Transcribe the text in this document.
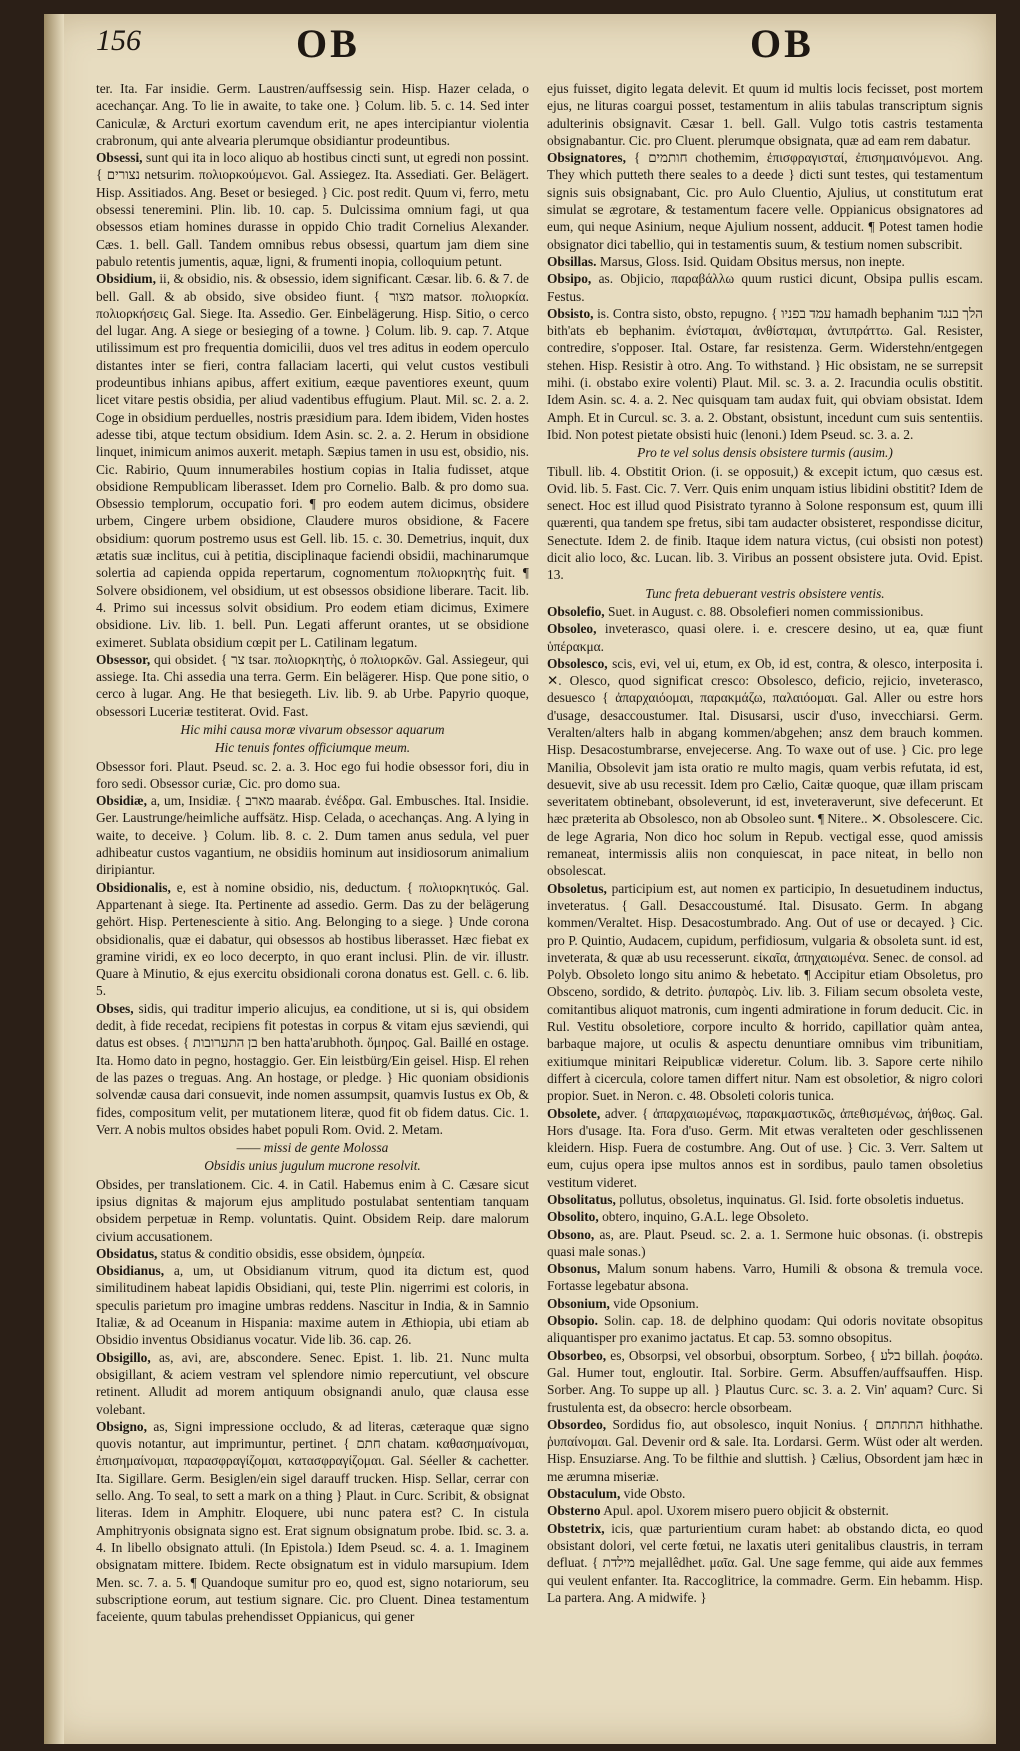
156	OB	OB

ter. Ita. Far insidie. Germ. Laustren/auffsessig sein. Hisp. Hazer celada, o acechançar. Ang. To lie in awaite, to take one. } Colum. lib. 5. c. 14. Sed inter Caniculæ, & Arcturi exortum cavendum erit, ne apes intercipiantur violentia crabronum, qui ante alvearia plerumque obsidiantur prodeuntibus.

Obsessi, sunt qui ita in loco aliquo ab hostibus cincti sunt, ut egredi non possint. { נצורים netsurim. πολιορκούμενοι. Gal. Assiegez. Ita. Assediati. Ger. Belägert. Hisp. Assitiados. Ang. Beset or besieged. } Cic. post redit. Quum vi, ferro, metu obsessi teneremini. Plin. lib. 10. cap. 5. Dulcissima omnium fagi, ut qua obsessos etiam homines durasse in oppido Chio tradit Cornelius Alexander. Cæs. 1. bell. Gall. Tandem omnibus rebus obsessi, quartum jam diem sine pabulo retentis jumentis, aquæ, ligni, & frumenti inopia, colloquium petunt.

Obsidium, ii, & obsidio, nis. & obsessio, idem significant. Cæsar. lib. 6. & 7. de bell. Gall. & ab obsido, sive obsideo fiunt. { מצור matsor. πολιορκία. πολιορκήσεις Gal. Siege. Ita. Assedio. Ger. Einbelägerung. Hisp. Sitio, o cerco del lugar. Ang. A siege or besieging of a towne. } Colum. lib. 9. cap. 7. Atque utilissimum est pro frequentia domicilii, duos vel tres aditus in eodem operculo distantes inter se fieri, contra fallaciam lacerti, qui velut custos vestibuli prodeuntibus inhians apibus, affert exitium, eæque paventiores exeunt, quum licet vitare pestis obsidia, per aliud vadentibus effugium. Plaut. Mil. sc. 2. a. 2. Coge in obsidium perduelles, nostris præsidium para. Idem ibidem, Viden hostes adesse tibi, atque tectum obsidium. Idem Asin. sc. 2. a. 2. Herum in obsidione linquet, inimicum animos auxerit. metaph. Sæpius tamen in usu est, obsidio, nis. Cic. Rabirio, Quum innumerabiles hostium copias in Italia fudisset, atque obsidione Rempublicam liberasset. Idem pro Cornelio. Balb. & pro domo sua. Obsessio templorum, occupatio fori. ¶ pro eodem autem dicimus, obsidere urbem, Cingere urbem obsidione, Claudere muros obsidione, & Facere obsidium: quorum postremo usus est Gell. lib. 15. c. 30. Demetrius, inquit, dux ætatis suæ inclitus, cui à petitia, disciplinaque faciendi obsidii, machinarumque solertia ad capienda oppida repertarum, cognomentum πολιορκητὴς fuit. ¶ Solvere obsidionem, vel obsidium, ut est obsessos obsidione liberare. Tacit. lib. 4. Primo sui incessus solvit obsidium. Pro eodem etiam dicimus, Eximere obsidione. Liv. lib. 1. bell. Pun. Legati afferunt orantes, ut se obsidione eximeret. Sublata obsidium cœpit per L. Catilinam legatum.

Obsessor, qui obsidet. { צר tsar. πολιορκητὴς, ὁ πολιορκῶν. Gal. Assiegeur, qui assiege. Ita. Chi assedia una terra. Germ. Ein belägerer. Hisp. Que pone sitio, o cerco à lugar. Ang. He that besiegeth. Liv. lib. 9. ab Urbe. Papyrio quoque, obsessori Luceriæ testiterat. Ovid. Fast.

Hic mihi causa moræ vivarum obsessor aquarum

Hic tenuis fontes officiumque meum.

Obsessor fori. Plaut. Pseud. sc. 2. a. 3. Hoc ego fui hodie obsessor fori, diu in foro sedi. Obsessor curiæ, Cic. pro domo sua.

Obsidiæ, a, um, Insidiæ. { מארב maarab. ἐνέδρα. Gal. Embusches. Ital. Insidie. Ger. Laustrunge/heimliche auffsätz. Hisp. Celada, o acechanças. Ang. A lying in waite, to deceive. } Colum. lib. 8. c. 2. Dum tamen anus sedula, vel puer adhibeatur custos vagantium, ne obsidiis hominum aut insidiosorum animalium diripiantur.

Obsidionalis, e, est à nomine obsidio, nis, deductum. { πολιορκητικός. Gal. Appartenant à siege. Ita. Pertinente ad assedio. Germ. Das zu der belägerung gehört. Hisp. Pertenesciente à sitio. Ang. Belonging to a siege. } Unde corona obsidionalis, quæ ei dabatur, qui obsessos ab hostibus liberasset. Hæc fiebat ex gramine viridi, ex eo loco decerpto, in quo erant inclusi. Plin. de vir. illustr. Quare à Minutio, & ejus exercitu obsidionali corona donatus est. Gell. c. 6. lib. 5.

Obses, sidis, qui traditur imperio alicujus, ea conditione, ut si is, qui obsidem dedit, à fide recedat, recipiens fit potestas in corpus & vitam ejus sæviendi, qui datus est obses. { בן התערובות ben hatta'arubhoth. ὅμηρος. Gal. Baillé en ostage. Ita. Homo dato in pegno, hostaggio. Ger. Ein leistbürg/Ein geisel. Hisp. El rehen de las pazes o treguas. Ang. An hostage, or pledge. } Hic quoniam obsidionis solvendæ causa dari consuevit, inde nomen assumpsit, quamvis Iustus ex Ob, & fides, compositum velit, per mutationem literæ, quod fit ob fidem datus. Cic. 1. Verr. A nobis multos obsides habet populi Rom. Ovid. 2. Metam.

—— missi de gente Molossa

Obsidis unius jugulum mucrone resolvit.

Obsides, per translationem. Cic. 4. in Catil. Habemus enim à C. Cæsare sicut ipsius dignitas & majorum ejus amplitudo postulabat sententiam tanquam obsidem perpetuæ in Remp. voluntatis. Quint. Obsidem Reip. dare malorum civium accusationem.

Obsidatus, status & conditio obsidis, esse obsidem, ὁμηρεία.

Obsidianus, a, um, ut Obsidianum vitrum, quod ita dictum est, quod similitudinem habeat lapidis Obsidiani, qui, teste Plin. nigerrimi est coloris, in speculis parietum pro imagine umbras reddens. Nascitur in India, & in Samnio Italiæ, & ad Oceanum in Hispania: maxime autem in Æthiopia, ubi etiam ab Obsidio inventus Obsidianus vocatur. Vide lib. 36. cap. 26.

Obsigillo, as, avi, are, abscondere. Senec. Epist. 1. lib. 21. Nunc multa obsigillant, & aciem vestram vel splendore nimio repercutiunt, vel obscure retinent. Alludit ad morem antiquum obsignandi anulo, quæ clausa esse volebant.

Obsigno, as, Signi impressione occludo, & ad literas, cæteraque quæ signo quovis notantur, aut imprimuntur, pertinet. { חתם chatam. καθασημαίνομαι, ἐπισημαίνομαι, παρασφραγίζομαι, κατασφραγίζομαι. Gal. Séeller & cachetter. Ita. Sigillare. Germ. Besiglen/ein sigel darauff trucken. Hisp. Sellar, cerrar con sello. Ang. To seal, to sett a mark on a thing } Plaut. in Curc. Scribit, & obsignat literas. Idem in Amphitr. Eloquere, ubi nunc patera est? C. In cistula Amphitryonis obsignata signo est. Erat signum obsignatum probe. Ibid. sc. 3. a. 4. In libello obsignato attuli. (In Epistola.) Idem Pseud. sc. 4. a. 1. Imaginem obsignatam mittere. Ibidem. Recte obsignatum est in vidulo marsupium. Idem Men. sc. 7. a. 5. ¶ Quandoque sumitur pro eo, quod est, signo notariorum, seu subscriptione eorum, aut testium signare. Cic. pro Cluent. Dinea testamentum faceiente, quum tabulas prehendisset Oppianicus, qui gener

ejus fuisset, digito legata delevit. Et quum id multis locis fecisset, post mortem ejus, ne lituras coargui posset, testamentum in aliis tabulas transcriptum signis adulterinis obsignavit. Cæsar 1. bell. Gall. Vulgo totis castris testamenta obsignabantur. Cic. pro Cluent. plerumque obsignata, quæ ad eam rem dabatur.

Obsignatores, { חותמים chothemim, ἐπισφραγισταί, ἐπισημαινόμενοι. Ang. They which putteth there seales to a deede } dicti sunt testes, qui testamentum signis suis obsignabant, Cic. pro Aulo Cluentio, Ajulius, ut constitutum erat simulat se ægrotare, & testamentum facere velle. Oppianicus obsignatores ad eum, qui neque Asinium, neque Ajulium nossent, adducit. ¶ Potest tamen hodie obsignator dici tabellio, qui in testamentis suum, & testium nomen subscribit.

Obsillas. Marsus, Gloss. Isid. Quidam Obsitus mersus, non inepte.

Obsipo, as. Objicio, παραβάλλω quum rustici dicunt, Obsipa pullis escam. Festus.

Obsisto, is. Contra sisto, obsto, repugno. { עמד בפניו hamadh bephanim הלך בנגד bith'ats eb bephanim. ἐνίσταμαι, ἀνθίσταμαι, ἀντιπράττω. Gal. Resister, contredire, s'opposer. Ital. Ostare, far resistenza. Germ. Widerstehn/entgegen stehen. Hisp. Resistir à otro. Ang. To withstand. } Hic obsistam, ne se surrepsit mihi. (i. obstabo exire volenti) Plaut. Mil. sc. 3. a. 2. Iracundia oculis obstitit. Idem Asin. sc. 4. a. 2. Nec quisquam tam audax fuit, qui obviam obsistat. Idem Amph. Et in Curcul. sc. 3. a. 2. Obstant, obsistunt, incedunt cum suis sententiis. Ibid. Non potest pietate obsisti huic (lenoni.) Idem Pseud. sc. 3. a. 2.

Pro te vel solus densis obsistere turmis (ausim.)

Tibull. lib. 4. Obstitit Orion. (i. se opposuit,) & excepit ictum, quo cæsus est. Ovid. lib. 5. Fast. Cic. 7. Verr. Quis enim unquam istius libidini obstitit? Idem de senect. Hoc est illud quod Pisistrato tyranno à Solone responsum est, quum illi quærenti, qua tandem spe fretus, sibi tam audacter obsisteret, respondisse dicitur, Senectute. Idem 2. de finib. Itaque idem natura victus, (cui obsisti non potest) dicit alio loco, &c. Lucan. lib. 3. Viribus an possent obsistere juta. Ovid. Epist. 13.

Tunc freta debuerant vestris obsistere ventis.

Obsolefio, Suet. in August. c. 88. Obsolefieri nomen commissionibus.

Obsoleo, inveterasco, quasi olere. i. e. crescere desino, ut ea, quæ fiunt ὑπέρακμα.

Obsolesco, scis, evi, vel ui, etum, ex Ob, id est, contra, & olesco, interposita i. ✕. Olesco, quod significat cresco: Obsolesco, deficio, rejicio, inveterasco, desuesco { ἀπαρχαιόομαι, παρακμάζω, παλαιόομαι. Gal. Aller ou estre hors d'usage, desaccoustumer. Ital. Disusarsi, uscir d'uso, invecchiarsi. Germ. Veralten/alters halb in abgang kommen/abgehen; ansz dem brauch kommen. Hisp. Desacostumbrarse, envejecerse. Ang. To waxe out of use. } Cic. pro lege Manilia, Obsolevit jam ista oratio re multo magis, quam verbis refutata, id est, desuevit, sive ab usu recessit. Idem pro Cælio, Caitæ quoque, quæ illam priscam severitatem obtinebant, obsoleverunt, id est, inveteraverunt, sive defecerunt. Et hæc præterita ab Obsolesco, non ab Obsoleo sunt. ¶ Nitere.. ✕. Obsolescere. Cic. de lege Agraria, Non dico hoc solum in Repub. vectigal esse, quod amissis remaneat, intermissis aliis non conquiescat, in pace niteat, in bello non obsolescat.

Obsoletus, participium est, aut nomen ex participio, In desuetudinem inductus, inveteratus. { Gall. Desaccoustumé. Ital. Disusato. Germ. In abgang kommen/Veraltet. Hisp. Desacostumbrado. Ang. Out of use or decayed. } Cic. pro P. Quintio, Audacem, cupidum, perfidiosum, vulgaria & obsoleta sunt. id est, inveterata, & quæ ab usu recesserunt. εἰκαῖα, ἀπηχαιωμένα. Senec. de consol. ad Polyb. Obsoleto longo situ animo & hebetato. ¶ Accipitur etiam Obsoletus, pro Obsceno, sordido, & detrito. ῥυπαρὸς. Liv. lib. 3. Filiam secum obsoleta veste, comitantibus aliquot matronis, cum ingenti admiratione in forum deducit. Cic. in Rul. Vestitu obsoletiore, corpore inculto & horrido, capillatior quàm antea, barbaque majore, ut oculis & aspectu denuntiare omnibus vim tribunitiam, exitiumque minitari Reipublicæ videretur. Colum. lib. 3. Sapore certe nihilo differt à cicercula, colore tamen differt nitur. Nam est obsoletior, & nigro colori propior. Suet. in Neron. c. 48. Obsoleti coloris tunica.

Obsolete, adver. { ἀπαρχαιωμένως, παρακμαστικῶς, ἀπεθισμένως, ἀήθως. Gal. Hors d'usage. Ita. Fora d'uso. Germ. Mit etwas veralteten oder geschlissenen kleidern. Hisp. Fuera de costumbre. Ang. Out of use. } Cic. 3. Verr. Saltem ut eum, cujus opera ipse multos annos est in sordibus, paulo tamen obsoletius vestitum videret.

Obsolitatus, pollutus, obsoletus, inquinatus. Gl. Isid. forte obsoletis induetus.

Obsolito, obtero, inquino, G.A.L. lege Obsoleto.

Obsono, as, are. Plaut. Pseud. sc. 2. a. 1. Sermone huic obsonas. (i. obstrepis quasi male sonas.)

Obsonus, Malum sonum habens. Varro, Humili & obsona & tremula voce. Fortasse legebatur absona.

Obsonium, vide Opsonium.

Obsopio. Solin. cap. 18. de delphino quodam: Qui odoris novitate obsopitus aliquantisper pro exanimo jactatus. Et cap. 53. somno obsopitus.

Obsorbeo, es, Obsorpsi, vel obsorbui, obsorptum. Sorbeo, { בלע billah. ῥοφάω. Gal. Humer tout, engloutir. Ital. Sorbire. Germ. Absuffen/auffsauffen. Hisp. Sorber. Ang. To suppe up all. } Plautus Curc. sc. 3. a. 2. Vin' aquam? Curc. Si frustulenta est, da obsecro: hercle obsorbeam.

Obsordeo, Sordidus fio, aut obsolesco, inquit Nonius. { התחתחם hithhathe. ῥυπαίνομαι. Gal. Devenir ord & sale. Ita. Lordarsi. Germ. Wüst oder alt werden. Hisp. Ensuziarse. Ang. To be filthie and sluttish. } Cælius, Obsordent jam hæc in me ærumna miseriæ.

Obstaculum, vide Obsto.

Obsterno Apul. apol. Uxorem misero puero objicit & obsternit.

Obstetrix, icis, quæ parturientium curam habet: ab obstando dicta, eo quod obsistant dolori, vel certe fœtui, ne laxatis uteri genitalibus claustris, in terram defluat. { מילדת mejallêdhet. μαῖα. Gal. Une sage femme, qui aide aux femmes qui veulent enfanter. Ita. Raccoglitrice, la commadre. Germ. Ein hebamm. Hisp. La partera. Ang. A midwife. }
